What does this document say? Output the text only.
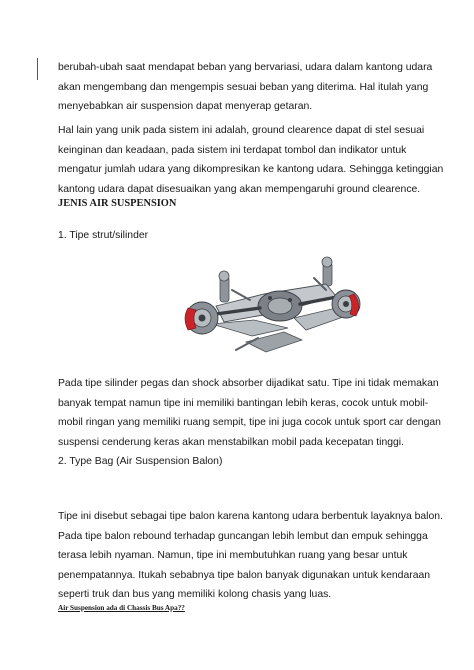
berubah-ubah saat mendapat beban yang bervariasi, udara dalam kantong udara
akan mengembang dan mengempis sesuai beban yang diterima. Hal itulah yang
menyebabkan air suspension dapat menyerap getaran.

Hal lain yang unik pada sistem ini adalah, ground clearence dapat di stel sesuai
keinginan dan keadaan, pada sistem ini terdapat tombol dan indikator untuk
mengatur jumlah udara yang dikompresikan ke kantong udara. Sehingga ketinggian
kantong udara dapat disesuaikan yang akan mempengaruhi ground clearence.

JENIS AIR SUSPENSION
1. Tipe strut/silinder

Pada tipe silinder pegas dan shock absorber dijadikat satu. Tipe ini tidak memakan
banyak tempat namun tipe ini memiliki bantingan lebih keras, cocok untuk mobil-
mobil ringan yang memiliki ruang sempit, tipe ini juga cocok untuk sport car dengan
suspensi cenderung keras akan menstabilkan mobil pada kecepatan tinggi.

2. Type Bag (Air Suspension Balon)

Tipe ini disebut sebagai tipe balon karena kantong udara berbentuk layaknya balon.
Pada tipe balon rebound terhadap guncangan lebih lembut dan empuk sehingga
terasa lebih nyaman. Namun, tipe ini membutuhkan ruang yang besar untuk
penempatannya. Itukah sebabnya tipe balon banyak digunakan untuk kendaraan
seperti truk dan bus yang memiliki kolong chasis yang luas.

Air Suspension ada di Chassis Bus Apa??
